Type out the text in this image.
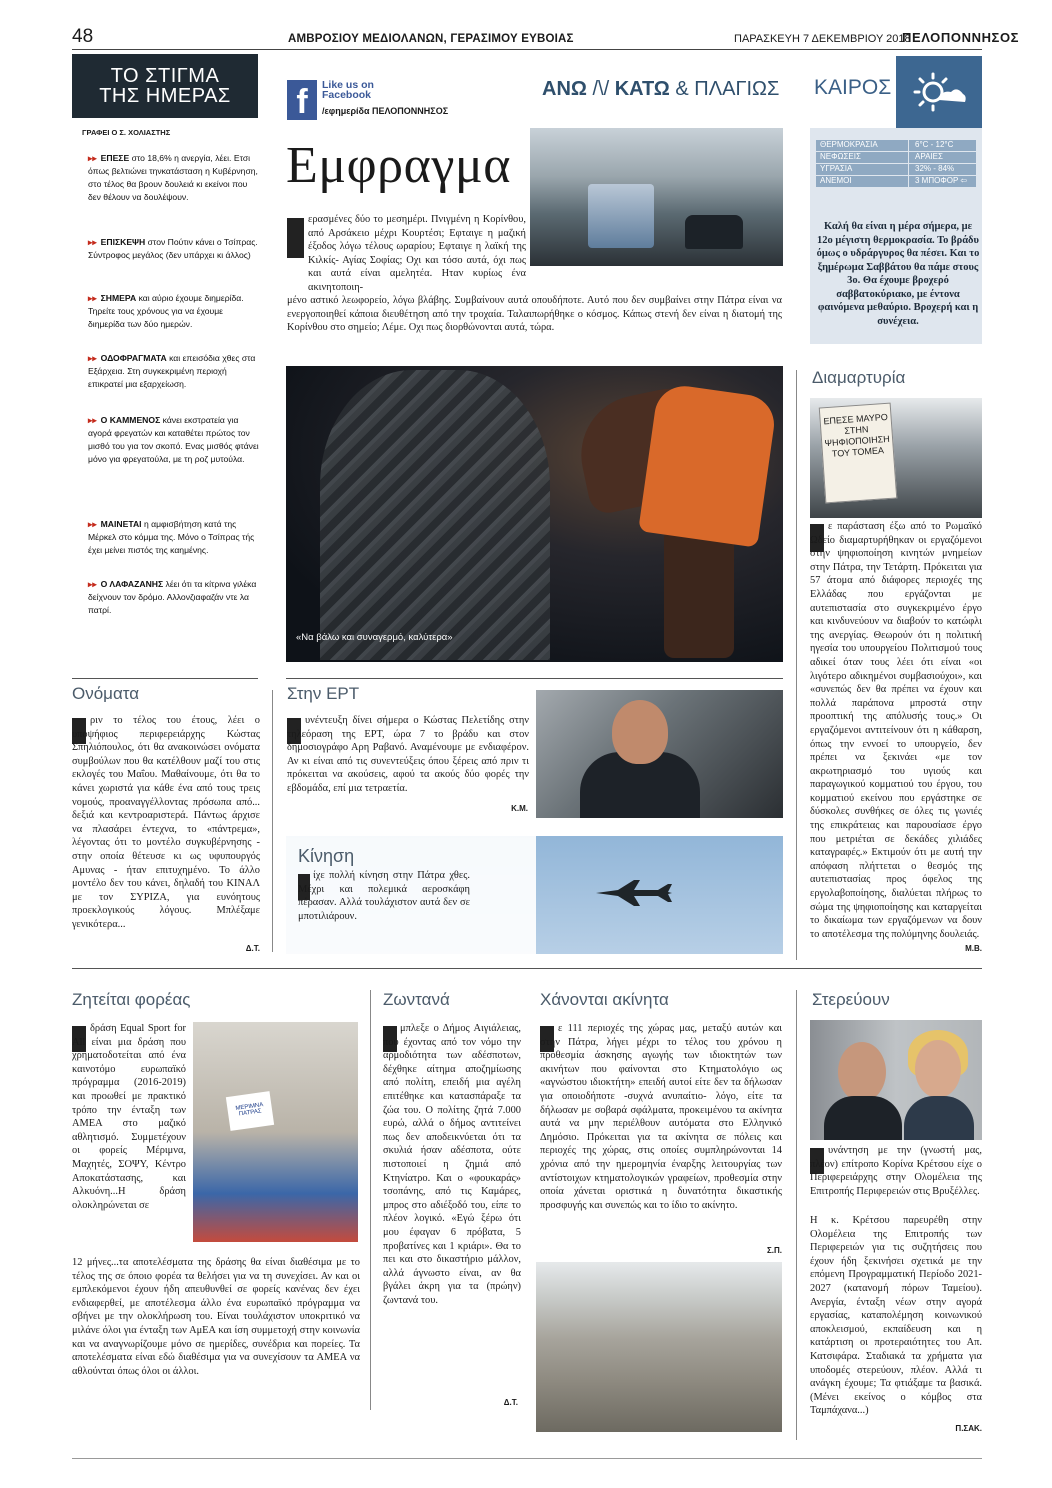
48	ΑΜΒΡΟΣΙΟΥ ΜΕΔΙΟΛΑΝΩΝ, ΓΕΡΑΣΙΜΟΥ ΕΥΒΟΙΑΣ	ΠΑΡΑΣΚΕΥΗ 7 ΔΕΚΕΜΒΡΙΟΥ 2018
ΠΕΛΟΠΟΝΝΗΣΟΣ
ΤΟ ΣΤΙΓΜΑ
ΤΗΣ ΗΜΕΡΑΣ
ΓΡΑΦΕΙ Ο Σ. ΧΟΛΙΑΣΤΗΣ
▸▸ ΕΠΕΣΕ στο 18,6% η ανεργία, λέει. Ετσι όπως βελτιώνει τηνκατάσταση η Κυβέρνηση, στο τέλος θα βρουν δουλειά κι εκείνοι που δεν θέλουν να δουλέψουν.
▸▸ ΕΠΙΣΚΕΨΗ στον Πούτιν κάνει ο Τσίπρας. Σύντροφος μεγάλος (δεν υπάρχει κι άλλος)
▸▸ ΣΗΜΕΡΑ και αύριο έχουμε διημερίδα. Τηρείτε τους χρόνους για να έχουμε διημερίδα των δύο ημερών.
▸▸ ΟΔΟΦΡΑΓΜΑΤΑ και επεισόδια χθες στα Εξάρχεια. Στη συγκεκριμένη περιοχή επικρατεί μια εξαρχείωση.
▸▸ Ο ΚΑΜΜΕΝΟΣ κάνει εκστρατεία για αγορά φρεγατών και καταθέτει πρώτος τον μισθό του για τον σκοπό. Ενας μισθός φτάνει μόνο για φρεγατούλα, με τη ροζ μυτούλα.
▸▸ ΜΑΙΝΕΤΑΙ η αμφισβήτηση κατά της Μέρκελ στο κόμμα της. Μόνο ο Τσίπρας τής έχει μείνει πιστός της καημένης.
▸▸ Ο ΛΑΦΑΖΑΝΗΣ λέει ότι τα κίτρινα γιλέκα δείχνουν τον δρόμο. Αλλονζιαφαζάν ντε λα πατρί.
f	Like us on
Facebook
/εφημερίδα ΠΕΛΟΠΟΝΝΗΣΟΣ
ΑΝΩ /\/ ΚΑΤΩ & ΠΛΑΓΙΩΣ ΚΑΙΡΟΣ
ΘΕΡΜΟΚΡΑΣΙΑ	6°C - 12°C
ΝΕΦΩΣΕΙΣ	ΑΡΑΙΕΣ
ΥΓΡΑΣΙΑ	32% - 84%
ΑΝΕΜΟΙ	3 ΜΠΟΦΟΡ ⇦
Καλή θα είναι η μέρα σήμερα, με 12ο μέγιστη θερμοκρασία. Το βράδυ όμως ο υδράργυρος θα πέσει. Και το ξημέρωμα Σαββάτου θα πάμε στους 3ο. Θα έχουμε βροχερό σαββατοκύριακο, με έντονα φαινόμενα μεθαύριο. Βροχερή και η συνέχεια.
Εμφραγμα
ερασμένες δύο το μεσημέρι. Πνιγμένη η Κορίνθου, από Αρσάκειο μέχρι Κουρτέσι; Εφταιγε η μαζική έξοδος λόγω τέλους ωραρίου; Εφταιγε η λαϊκή της Κιλκίς- Αγίας Σοφίας; Οχι και τόσο αυτά, όχι πως και αυτά είναι αμελητέα. Ηταν κυρίως ένα ακινητοποιη-
μένο αστικό λεωφορείο, λόγω βλάβης. Συμβαίνουν αυτά οπουδήποτε. Αυτό που δεν συμβαίνει στην Πάτρα είναι να ενεργοποιηθεί κάποια διευθέτηση από την τροχαία. Ταλαιπωρήθηκε ο κόσμος. Κάπως στενή δεν είναι η διατομή της Κορίνθου στο σημείο; Λέμε. Οχι πως διορθώνονται αυτά, τώρα.
«Να βάλω και συναγερμό, καλύτερα»
Διαμαρτυρία
ΕΠΕΣΕ ΜΑΥΡΟ ΣΤΗΝ ΨΗΦΙΟΠΟΙΗΣΗ ΤΟΥ ΤΟΜΕΑ
ε παράσταση έξω από το Ρωμαϊκό Ωδείο διαμαρτυρήθηκαν οι εργαζόμενοι στην ψηφιοποίηση κινητών μνημείων στην Πάτρα, την Τετάρτη. Πρόκειται για 57 άτομα από διάφορες περιοχές της Ελλάδας που εργάζονται με αυτεπιστασία στο συγκεκριμένο έργο και κινδυνεύουν να διαβούν το κατώφλι της ανεργίας. Θεωρούν ότι η πολιτική ηγεσία του υπουργείου Πολιτισμού τους αδικεί όταν τους λέει ότι είναι «οι λιγότερο αδικημένοι συμβασιούχοι», και «συνεπώς δεν θα πρέπει να έχουν και πολλά παράπονα μπροστά στην προοπτική της απόλυσής τους.» Οι εργαζόμενοι αντιτείνουν ότι η κάθαρση, όπως την εννοεί το υπουργείο, δεν πρέπει να ξεκινάει «με τον ακρωτηριασμό του υγιούς και παραγωγικού κομματιού του έργου, του κομματιού εκείνου που εργάστηκε σε δύσκολες συνθήκες σε όλες τις γωνιές της επικράτειας και παρουσίασε έργο που μετριέται σε δεκάδες χιλιάδες καταγραφές.» Εκτιμούν ότι με αυτή την απόφαση πλήττεται ο θεσμός της αυτεπιστασίας προς όφελος της εργολαβοποίησης, διαλύεται πλήρως το σώμα της ψηφιοποίησης και καταργείται το δικαίωμα των εργαζόμενων να δουν το αποτέλεσμα της πολύμηνης δουλειάς.
Μ.Β.
Ονόματα
ριν το τέλος του έτους, λέει ο υποψήφιος περιφερειάρχης Κώστας Σπηλιόπουλος, ότι θα ανακοινώσει ονόματα συμβούλων που θα κατέλθουν μαζί του στις εκλογές του Μαΐου. Μαθαίνουμε, ότι θα το κάνει χωριστά για κάθε ένα από τους τρεις νομούς, προαναγγέλλοντας πρόσωπα από... δεξιά και κεντροαριστερά. Πάντως άρχισε να πλασάρει έντεχνα, το «πάντρεμα», λέγοντας ότι το μοντέλο συγκυβέρνησης - στην οποία θέτευσε κι ως υφυπουργός Αμυνας - ήταν επιτυχημένο. Το άλλο μοντέλο δεν του κάνει, δηλαδή του ΚΙΝΑΛ με τον ΣΥΡΙΖΑ, για ευνόητους προεκλογικούς λόγους. Μπλέξαμε γενικότερα...
Δ.Τ.
Στην ΕΡΤ
υνέντευξη δίνει σήμερα ο Κώστας Πελετίδης στην τηλεόραση της ΕΡΤ, ώρα 7 το βράδυ και στον δημοσιογράφο Αρη Ραβανό. Αναμένουμε με ενδιαφέρον. Αν κι είναι από τις συνεντεύξεις όπου ξέρεις από πριν τι πρόκειται να ακούσεις, αφού τα ακούς δύο φορές την εβδομάδα, επί μια τετραετία.
Κ.Μ.
Κίνηση
ίχε πολλή κίνηση στην Πάτρα χθες. Μέχρι και πολεμικά αεροσκάφη πέρασαν. Αλλά τουλάχιστον αυτά δεν σε μποτιλιάρουν.
Ζητείται φορέας
ΜΕΡΙΜΝΑ ΠΑΤΡΑΣ
δράση Equal Sport for All είναι μια δράση που χρηματοδοτείται από ένα καινοτόμο ευρωπαϊκό πρόγραμμα (2016-2019) και προωθεί με πρακτικό τρόπο την ένταξη των ΑΜΕΑ στο μαζικό αθλητισμό. Συμμετέχουν οι φορείς Μέριμνα, Μαχητές, ΣΟΨΥ, Κέντρο Αποκατάστασης, και Αλκυόνη...Η δράση ολοκληρώνεται σε
12 μήνες...τα αποτελέσματα της δράσης θα είναι διαθέσιμα με το τέλος της σε όποιο φορέα τα θελήσει για να τη συνεχίσει. Αν και οι εμπλεκόμενοι έχουν ήδη απευθυνθεί σε φορείς κανένας δεν έχει ενδιαφερθεί, με αποτέλεσμα άλλο ένα ευρωπαϊκό πρόγραμμα να σβήνει με την ολοκλήρωση του. Είναι τουλάχιστον υποκριτικό να μιλάνε όλοι για ένταξη των ΑμΕΑ και ίση συμμετοχή στην κοινωνία και να αναγνωρίζουμε μόνο σε ημερίδες, συνέδρια και πορείες. Τα αποτελέσματα είναι εδώ διαθέσιμα για να συνεχίσουν τα ΑΜΕΑ να αθλούνται όπως όλοι οι άλλοι.
Ζωντανά
μπλεξε ο Δήμος Αιγιάλειας, που έχοντας από τον νόμο την αρμοδιότητα των αδέσποτων, δέχθηκε αίτημα αποζημίωσης από πολίτη, επειδή μια αγέλη επιτέθηκε και κατασπάραξε τα ζώα του. Ο πολίτης ζητά 7.000 ευρώ, αλλά ο δήμος αντιτείνει πως δεν αποδεικνύεται ότι τα σκυλιά ήσαν αδέσποτα, ούτε πιστοποιεί η ζημιά από Κτηνίατρο. Και ο «φουκαράς» τσοπάνης, από τις Καμάρες, μπρος στο αδιέξοδό του, είπε το πλέον λογικό. «Εγώ ξέρω ότι μου έφαγαν 6 πρόβατα, 5 προβατίνες και 1 κριάρι». Θα το πει και στο δικαστήριο μάλλον, αλλά άγνωστο είναι, αν θα βγάλει άκρη για τα (πρώην) ζωντανά του.
Δ.Τ.
Χάνονται ακίνητα
ε 111 περιοχές της χώρας μας, μεταξύ αυτών και στην Πάτρα, λήγει μέχρι το τέλος του χρόνου η προθεσμία άσκησης αγωγής των ιδιοκτητών των ακινήτων που φαίνονται στο Κτηματολόγιο ως «αγνώστου ιδιοκτήτη» επειδή αυτοί είτε δεν τα δήλωσαν για οποιοδήποτε -συχνά ανυπαίτιο- λόγο, είτε τα δήλωσαν με σοβαρά σφάλματα, προκειμένου τα ακίνητα αυτά να μην περιέλθουν αυτόματα στο Ελληνικό Δημόσιο. Πρόκειται για τα ακίνητα σε πόλεις και περιοχές της χώρας, στις οποίες συμπληρώνονται 14 χρόνια από την ημερομηνία έναρξης λειτουργίας των αντίστοιχων κτηματολογικών γραφείων, προθεσμία στην οποία χάνεται οριστικά η δυνατότητα δικαστικής προσφυγής και συνεπώς και το ίδιο το ακίνητο.
Σ.Π.
Στερεύουν
υνάντηση με την (γνωστή μας, πλέον) επίτροπο Κορίνα Κρέτσου είχε ο Περιφερειάρχης στην Ολομέλεια της Επιτροπής Περιφερειών στις Βρυξέλλες.
Η κ. Κρέτσου παρευρέθη στην Ολομέλεια της Επιτροπής των Περιφερειών για τις συζητήσεις που έχουν ήδη ξεκινήσει σχετικά με την επόμενη Προγραμματική Περίοδο 2021-2027 (κατανομή πόρων Ταμείου). Ανεργία, ένταξη νέων στην αγορά εργασίας, καταπολέμηση κοινωνικού αποκλεισμού, εκπαίδευση και η κατάρτιση οι προτεραιότητες του Απ. Κατσιφάρα. Σταδιακά τα χρήματα για υποδομές στερεύουν, πλέον. Αλλά τι ανάγκη έχουμε; Τα φτιάξαμε τα βασικά. (Μένει εκείνος ο κόμβος στα Ταμπάχανα...)
Π.ΣΑΚ.
